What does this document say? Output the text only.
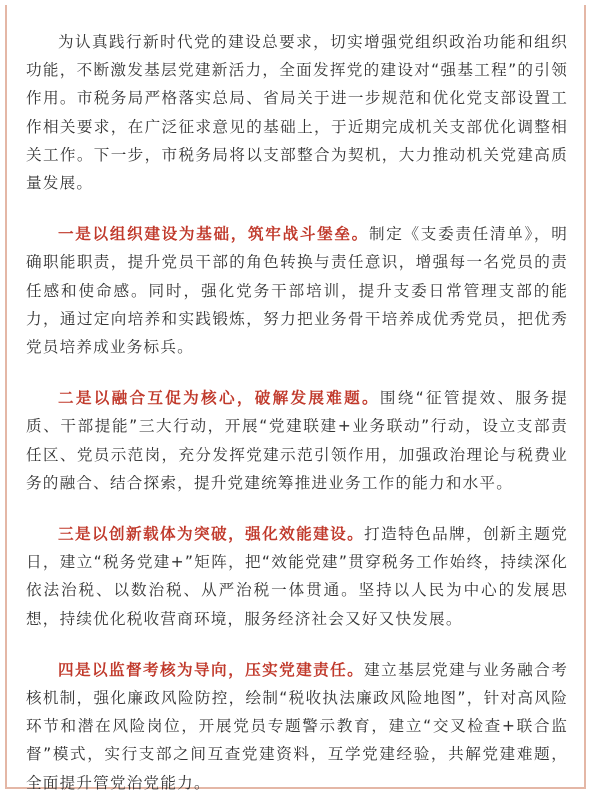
为认真践行新时代党的建设总要求，切实增强党组织政治功能和组织功能，不断激发基层党建新活力，全面发挥党的建设对“强基工程”的引领作用。市税务局严格落实总局、省局关于进一步规范和优化党支部设置工作相关要求，在广泛征求意见的基础上，于近期完成机关支部优化调整相关工作。下一步，市税务局将以支部整合为契机，大力推动机关党建高质量发展。

一是以组织建设为基础，筑牢战斗堡垒。制定《支委责任清单》，明确职能职责，提升党员干部的角色转换与责任意识，增强每一名党员的责任感和使命感。同时，强化党务干部培训，提升支委日常管理支部的能力，通过定向培养和实践锻炼，努力把业务骨干培养成优秀党员，把优秀党员培养成业务标兵。

二是以融合互促为核心，破解发展难题。围绕“征管提效、服务提质、干部提能”三大行动，开展“党建联建+业务联动”行动，设立支部责任区、党员示范岗，充分发挥党建示范引领作用，加强政治理论与税费业务的融合、结合探索，提升党建统筹推进业务工作的能力和水平。

三是以创新载体为突破，强化效能建设。打造特色品牌，创新主题党日，建立“税务党建+”矩阵，把“效能党建”贯穿税务工作始终，持续深化依法治税、以数治税、从严治税一体贯通。坚持以人民为中心的发展思想，持续优化税收营商环境，服务经济社会又好又快发展。

四是以监督考核为导向，压实党建责任。建立基层党建与业务融合考核机制，强化廉政风险防控，绘制“税收执法廉政风险地图”，针对高风险环节和潜在风险岗位，开展党员专题警示教育，建立“交叉检查+联合监督”模式，实行支部之间互查党建资料，互学党建经验，共解党建难题，全面提升管党治党能力。
